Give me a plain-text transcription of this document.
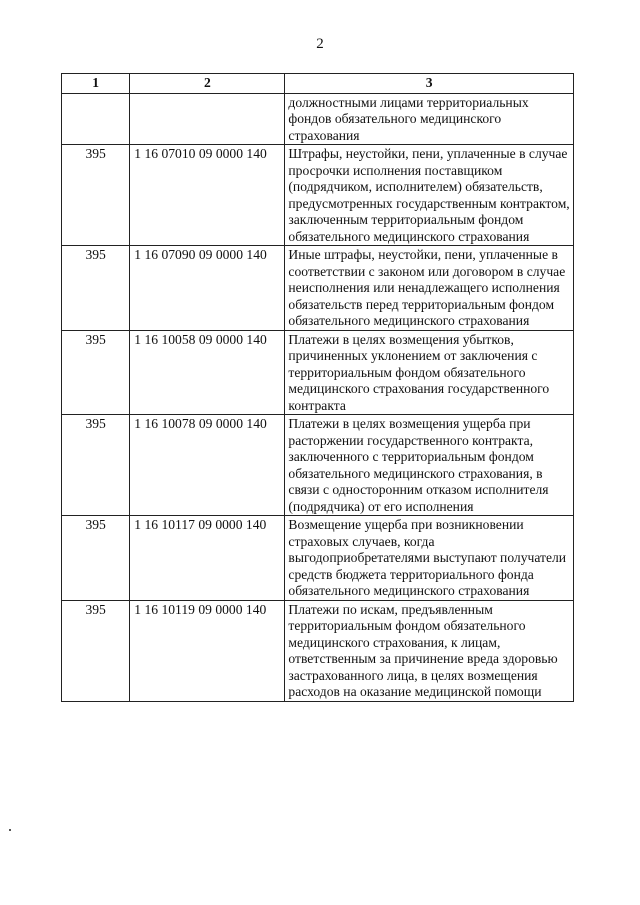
2
1	2	3
		должностными лицами территориальных фондов обязательного медицинского страхования
395	1 16 07010 09 0000 140	Штрафы, неустойки, пени, уплаченные в случае просрочки исполнения поставщиком (подрядчиком, исполнителем) обязательств, предусмотренных государственным контрактом, заключенным территориальным фондом обязательного медицинского страхования
395	1 16 07090 09 0000 140	Иные штрафы, неустойки, пени, уплаченные в соответствии с законом или договором в случае неисполнения или ненадлежащего исполнения обязательств перед территориальным фондом обязательного медицинского страхования
395	1 16 10058 09 0000 140	Платежи в целях возмещения убытков, причиненных уклонением от заключения с территориальным фондом обязательного медицинского страхования государственного контракта
395	1 16 10078 09 0000 140	Платежи в целях возмещения ущерба при расторжении государственного контракта, заключенного с территориальным фондом обязательного медицинского страхования, в связи с односторонним отказом исполнителя (подрядчика) от его исполнения
395	1 16 10117 09 0000 140	Возмещение ущерба при возникновении страховых случаев, когда выгодоприобретателями выступают получатели средств бюджета территориального фонда обязательного медицинского страхования
395	1 16 10119 09 0000 140	Платежи по искам, предъявленным территориальным фондом обязательного медицинского страхования, к лицам, ответственным за причинение вреда здоровью застрахованного лица, в целях возмещения расходов на оказание медицинской помощи
